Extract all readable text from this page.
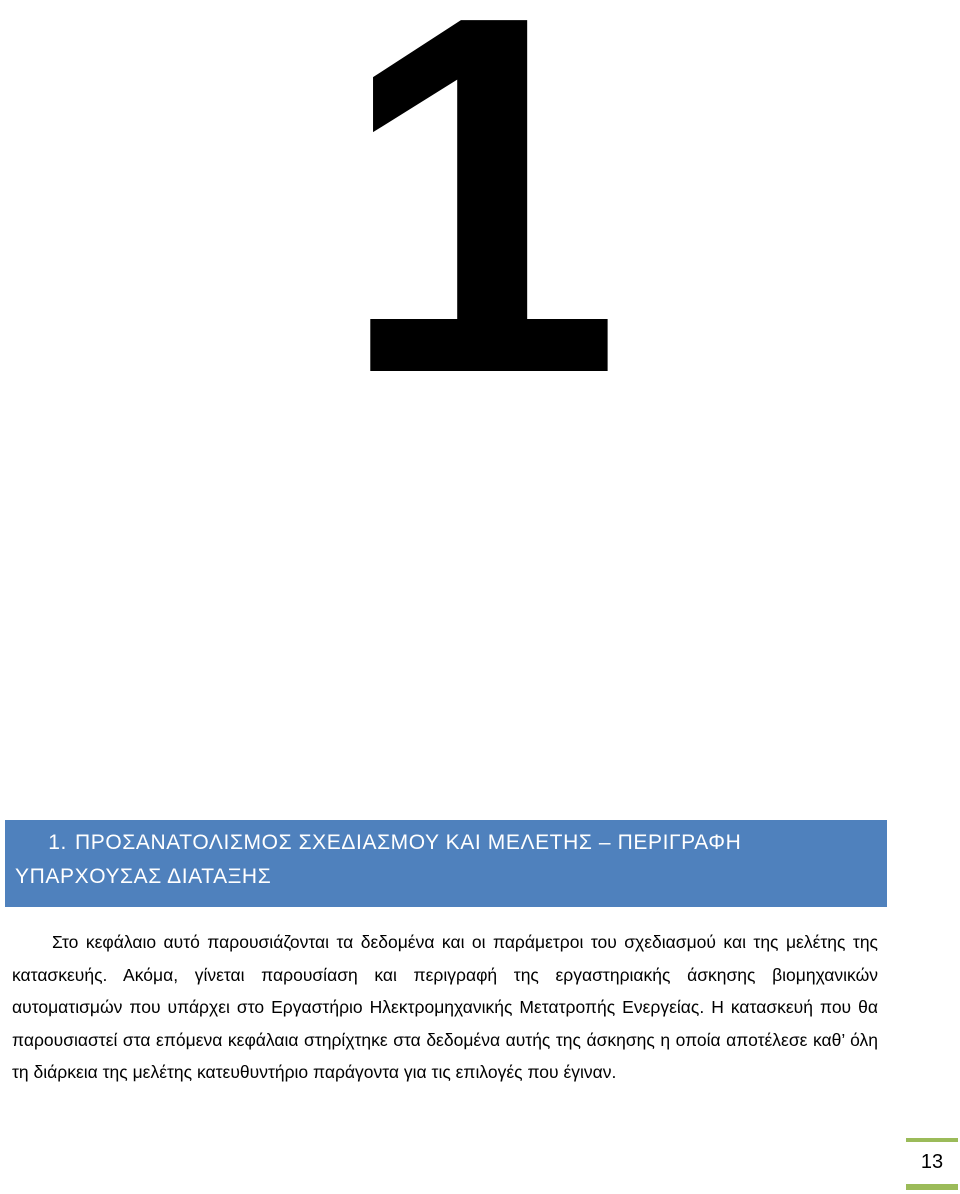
1
1. ΠΡΟΣΑΝΑΤΟΛΙΣΜΟΣ ΣΧΕΔΙΑΣΜΟΥ ΚΑΙ ΜΕΛΕΤΗΣ – ΠΕΡΙΓΡΑΦΗ
ΥΠΑΡΧΟΥΣΑΣ ΔΙΑΤΑΞΗΣ

Στο κεφάλαιο αυτό παρουσιάζονται τα δεδομένα και οι παράμετροι του σχεδιασμού και της μελέτης της κατασκευής. Ακόμα, γίνεται παρουσίαση και περιγραφή της εργαστηριακής άσκησης βιομηχανικών αυτοματισμών που υπάρχει στο Εργαστήριο Ηλεκτρομηχανικής Μετατροπής Ενεργείας. Η κατασκευή που θα παρουσιαστεί στα επόμενα κεφάλαια στηρίχτηκε στα δεδομένα αυτής της άσκησης η οποία αποτέλεσε καθ’ όλη τη διάρκεια της μελέτης κατευθυντήριο παράγοντα για τις επιλογές που έγιναν.

13
